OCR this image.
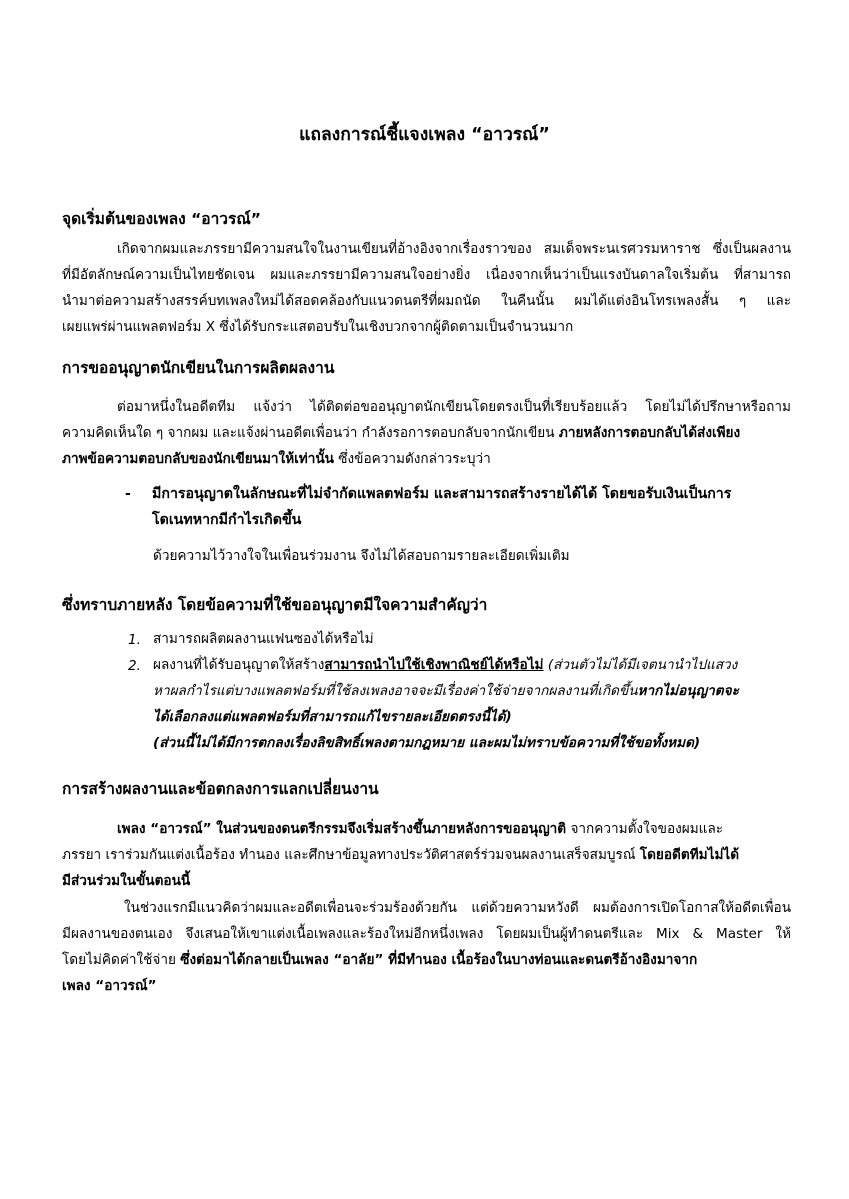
แถลงการณ์ชี้แจงเพลง “อาวรณ์”
จุดเริ่มต้นของเพลง “อาวรณ์”
เกิดจากผมและภรรยามีความสนใจในงานเขียนที่อ้างอิงจากเรื่องราวของ สมเด็จพระนเรศวรมหาราช ซึ่งเป็นผลงาน
ที่มีอัตลักษณ์ความเป็นไทยชัดเจน ผมและภรรยามีความสนใจอย่างยิ่ง เนื่องจากเห็นว่าเป็นแรงบันดาลใจเริ่มต้น ที่สามารถ
นำมาต่อความสร้างสรรค์บทเพลงใหม่ได้สอดคล้องกับแนวดนตรีที่ผมถนัด ในคืนนั้น ผมได้แต่งอินโทรเพลงสั้น ๆ และ
เผยแพร่ผ่านแพลตฟอร์ม X ซึ่งได้รับกระแสตอบรับในเชิงบวกจากผู้ติดตามเป็นจำนวนมาก
การขออนุญาตนักเขียนในการผลิตผลงาน
ต่อมาหนึ่งในอดีตทีม แจ้งว่า ได้ติดต่อขออนุญาตนักเขียนโดยตรงเป็นที่เรียบร้อยแล้ว โดยไม่ได้ปรึกษาหรือถาม
ความคิดเห็นใด ๆ จากผม และแจ้งผ่านอดีตเพื่อนว่า กำลังรอการตอบกลับจากนักเขียน ภายหลังการตอบกลับได้ส่งเพียง
ภาพข้อความตอบกลับของนักเขียนมาให้เท่านั้น ซึ่งข้อความดังกล่าวระบุว่า
- มีการอนุญาตในลักษณะที่ไม่จำกัดแพลตฟอร์ม และสามารถสร้างรายได้ได้ โดยขอรับเงินเป็นการ
โดเนทหากมีกำไรเกิดขึ้น
ด้วยความไว้วางใจในเพื่อนร่วมงาน จึงไม่ได้สอบถามรายละเอียดเพิ่มเติม
ซึ่งทราบภายหลัง โดยข้อความที่ใช้ขออนุญาตมีใจความสำคัญว่า
1. สามารถผลิตผลงานแฟนซองได้หรือไม่
2. ผลงานที่ได้รับอนุญาตให้สร้างสามารถนำไปใช้เชิงพาณิชย์ได้หรือไม่ (ส่วนตัวไม่ได้มีเจตนานำไปแสวง
หาผลกำไรแต่บางแพลตฟอร์มที่ใช้ลงเพลงอาจจะมีเรื่องค่าใช้จ่ายจากผลงานที่เกิดขึ้นหากไม่อนุญาตจะ
ได้เลือกลงแต่แพลตฟอร์มที่สามารถแก้ไขรายละเอียดตรงนี้ได้)
(ส่วนนี้ไม่ได้มีการตกลงเรื่องลิขสิทธิ์เพลงตามกฎหมาย และผมไม่ทราบข้อความที่ใช้ขอทั้งหมด)
การสร้างผลงานและข้อตกลงการแลกเปลี่ยนงาน
เพลง “อาวรณ์” ในส่วนของดนตรีกรรมจึงเริ่มสร้างขึ้นภายหลังการขออนุญาติ จากความตั้งใจของผมและ
ภรรยา เราร่วมกันแต่งเนื้อร้อง ทำนอง และศึกษาข้อมูลทางประวัติศาสตร์ร่วมจนผลงานเสร็จสมบูรณ์ โดยอดีตทีมไม่ได้
มีส่วนร่วมในขั้นตอนนี้
ในช่วงแรกมีแนวคิดว่าผมและอดีตเพื่อนจะร่วมร้องด้วยกัน แต่ด้วยความหวังดี ผมต้องการเปิดโอกาสให้อดีตเพื่อน
มีผลงานของตนเอง จึงเสนอให้เขาแต่งเนื้อเพลงและร้องใหม่อีกหนึ่งเพลง โดยผมเป็นผู้ทำดนตรีและ Mix & Master ให้
โดยไม่คิดค่าใช้จ่าย ซึ่งต่อมาได้กลายเป็นเพลง “อาลัย” ที่มีทำนอง เนื้อร้องในบางท่อนและดนตรีอ้างอิงมาจาก
เพลง “อาวรณ์”
